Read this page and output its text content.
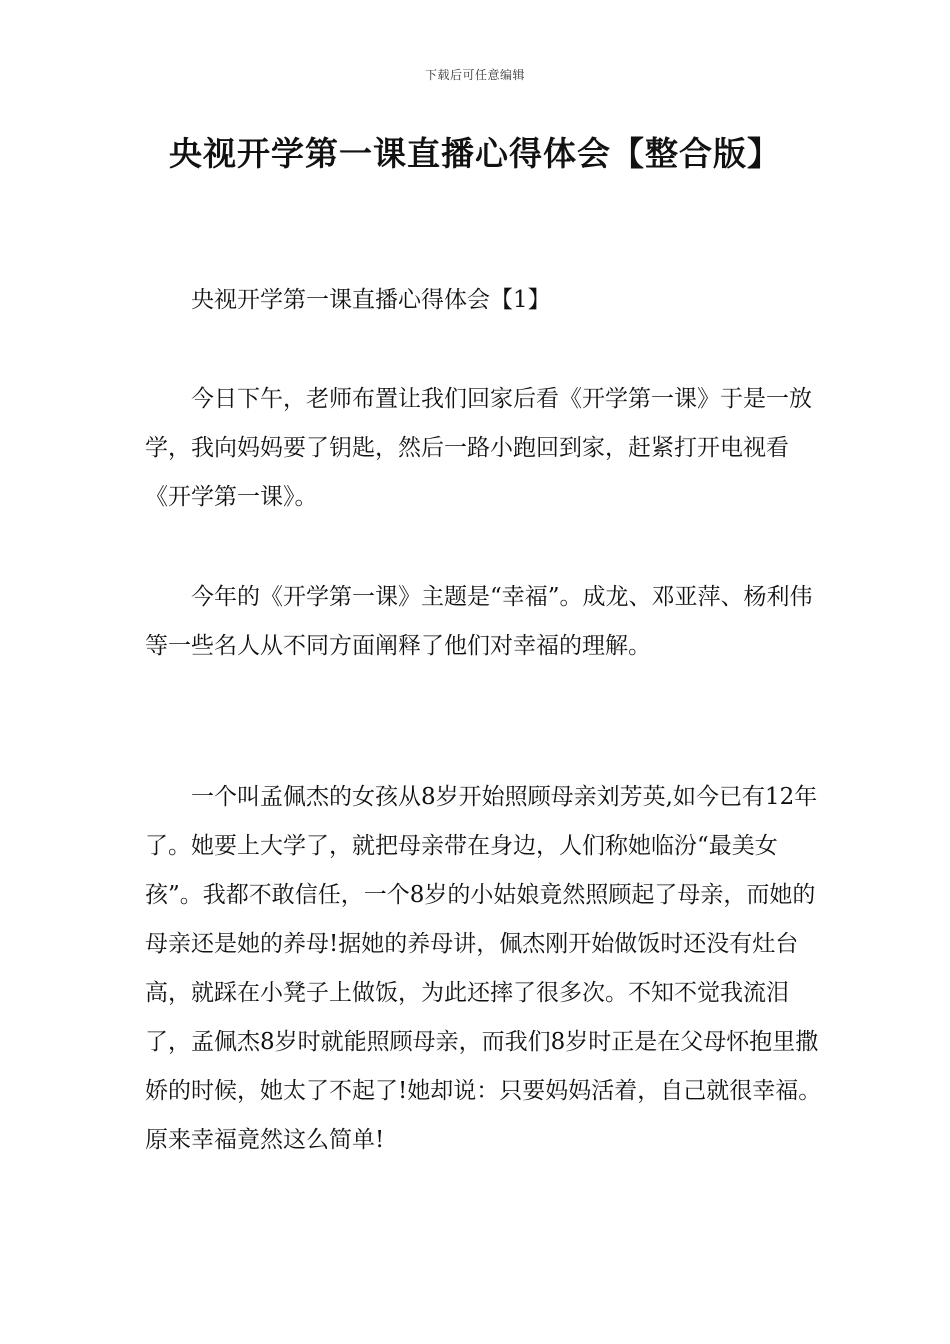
下载后可任意编辑
央视开学第一课直播心得体会【整合版】
央视开学第一课直播心得体会【1】

今日下午，老师布置让我们回家后看《开学第一课》于是一放学，我向妈妈要了钥匙，然后一路小跑回到家，赶紧打开电视看《开学第一课》。

今年的《开学第一课》主题是“幸福”。成龙、邓亚萍、杨利伟等一些名人从不同方面阐释了他们对幸福的理解。

一个叫孟佩杰的女孩从8岁开始照顾母亲刘芳英,如今已有12年了。她要上大学了，就把母亲带在身边，人们称她临汾“最美女孩”。我都不敢信任，一个8岁的小姑娘竟然照顾起了母亲，而她的母亲还是她的养母!据她的养母讲，佩杰刚开始做饭时还没有灶台高，就踩在小凳子上做饭，为此还摔了很多次。不知不觉我流泪了，孟佩杰8岁时就能照顾母亲，而我们8岁时正是在父母怀抱里撒娇的时候，她太了不起了!她却说：只要妈妈活着，自己就很幸福。原来幸福竟然这么简单!
